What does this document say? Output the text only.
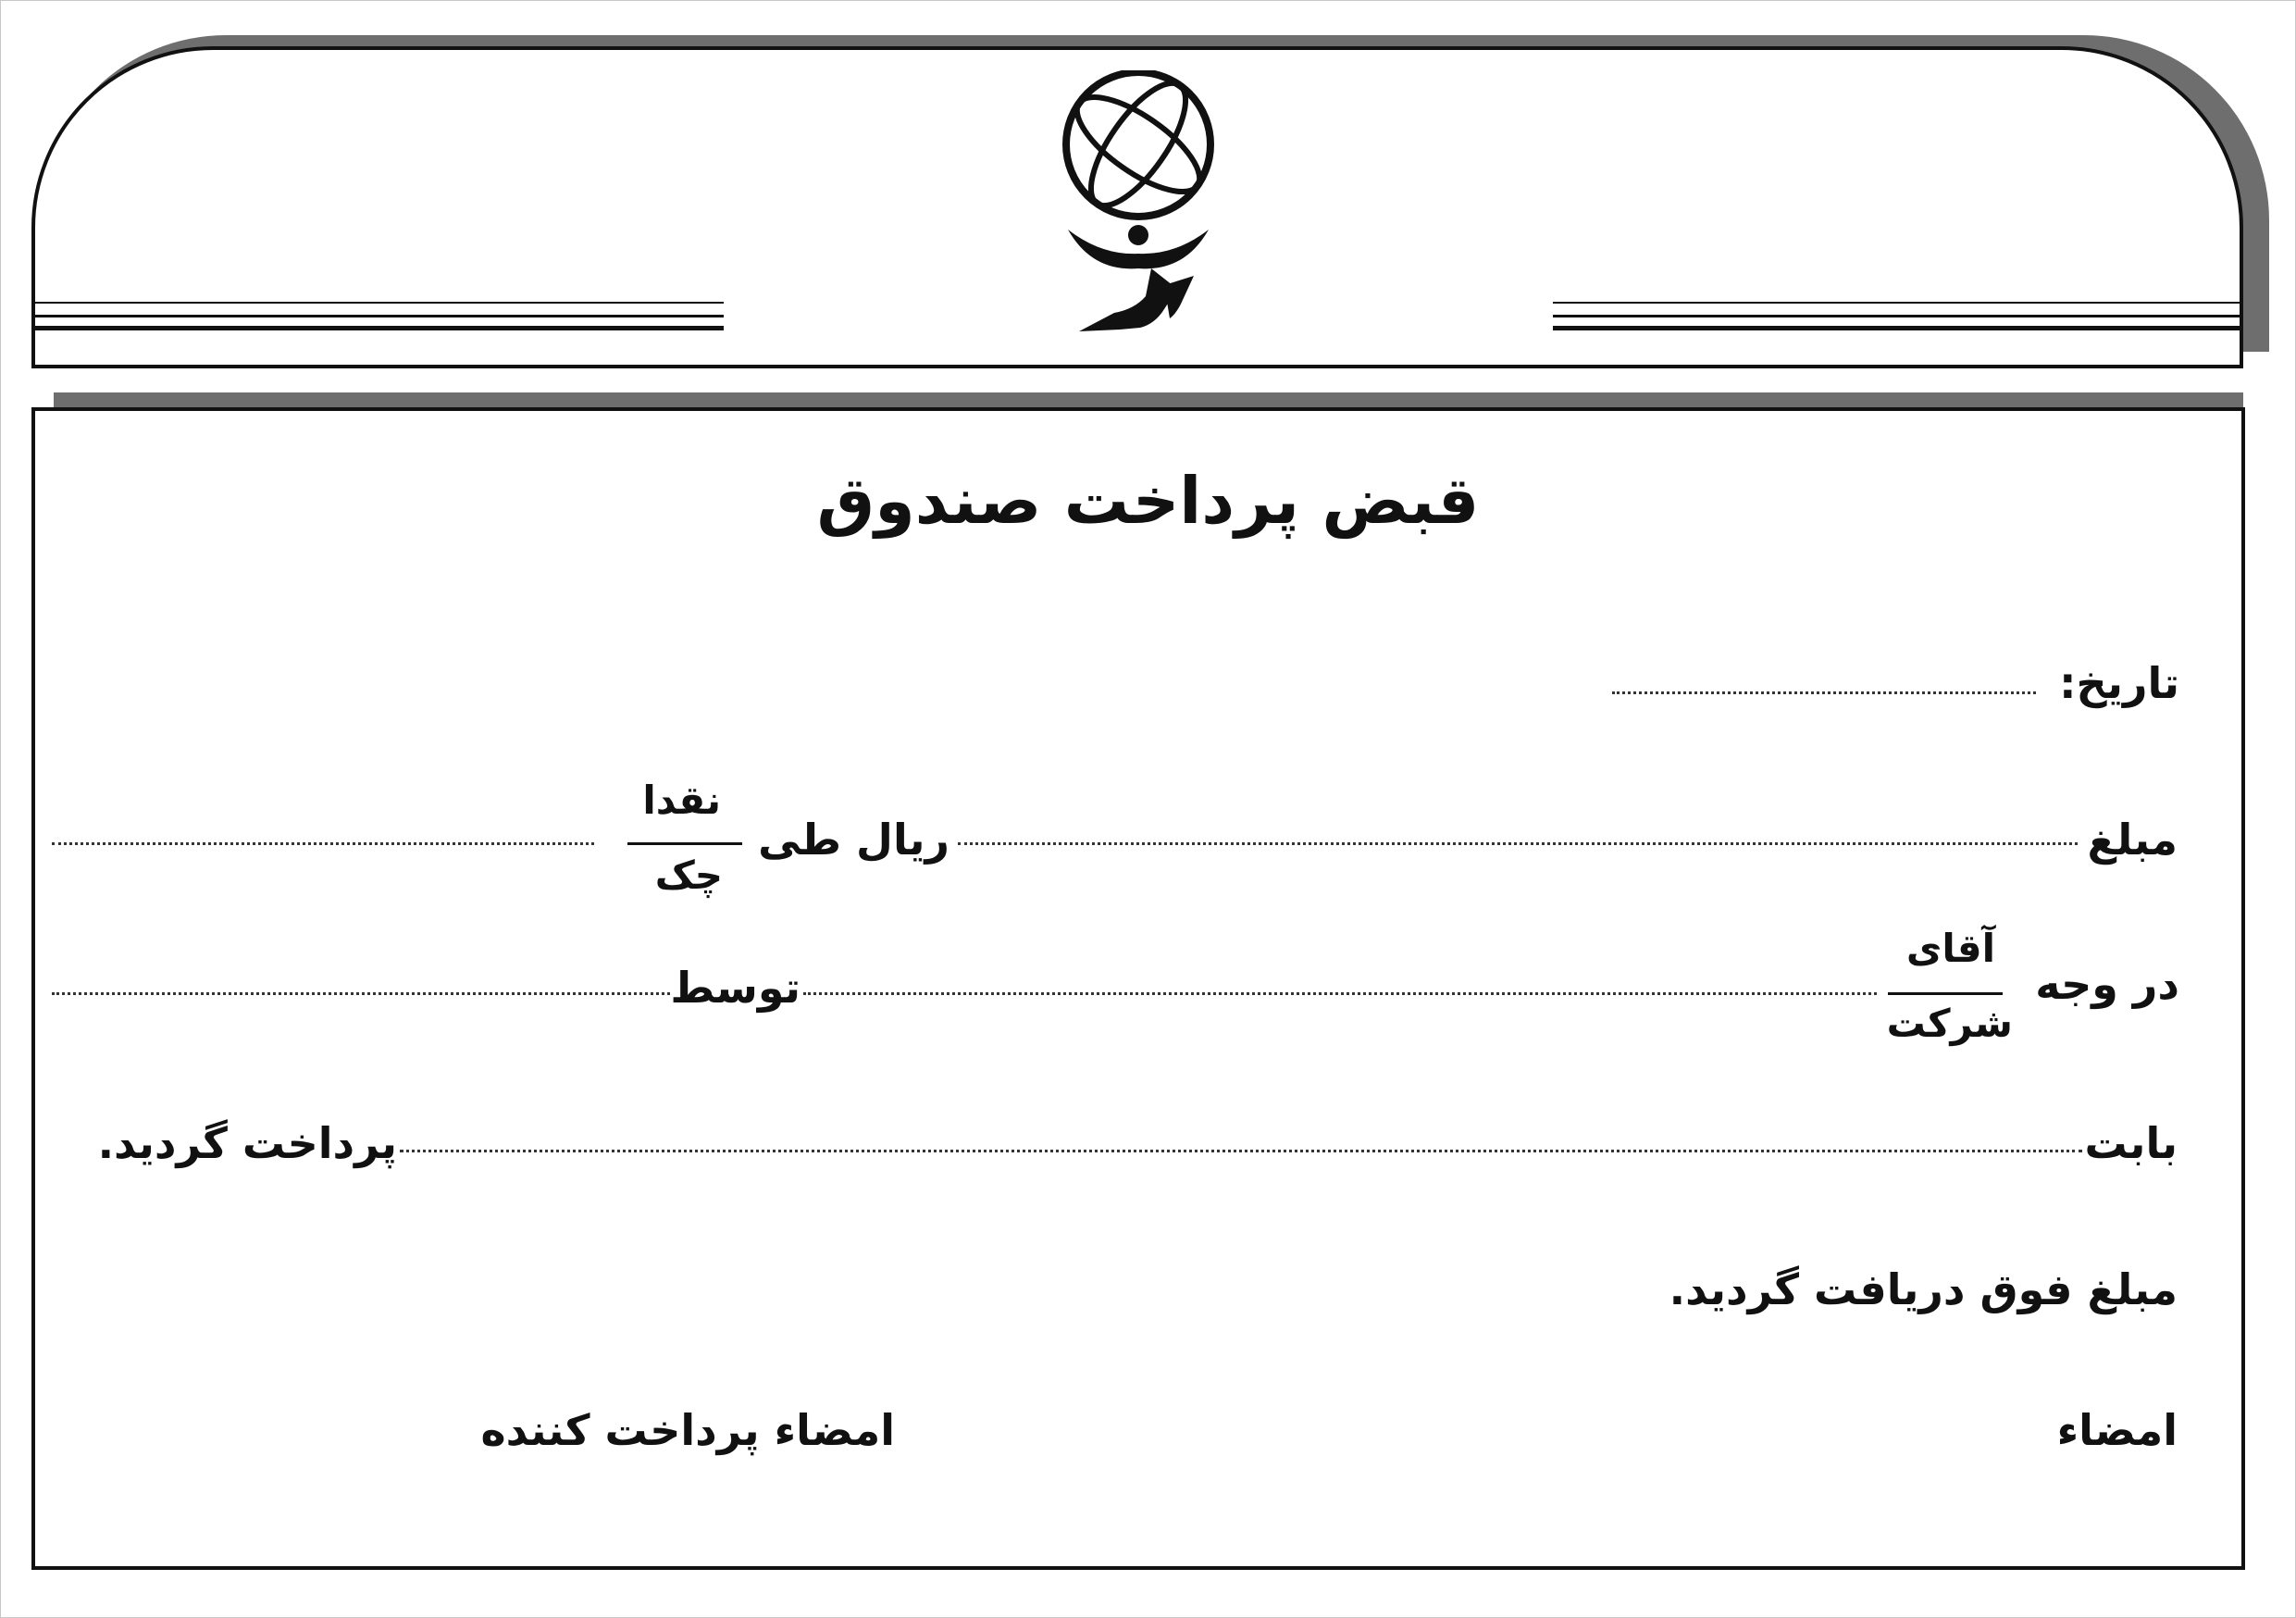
قبض پرداخت صندوق
تاریخ:
مبلغ
ریال طی
نقدا
چک
در وجه
آقای
شرکت
توسط
بابت
پرداخت گردید.
مبلغ فوق دریافت گردید.
امضاء
امضاء پرداخت کننده
